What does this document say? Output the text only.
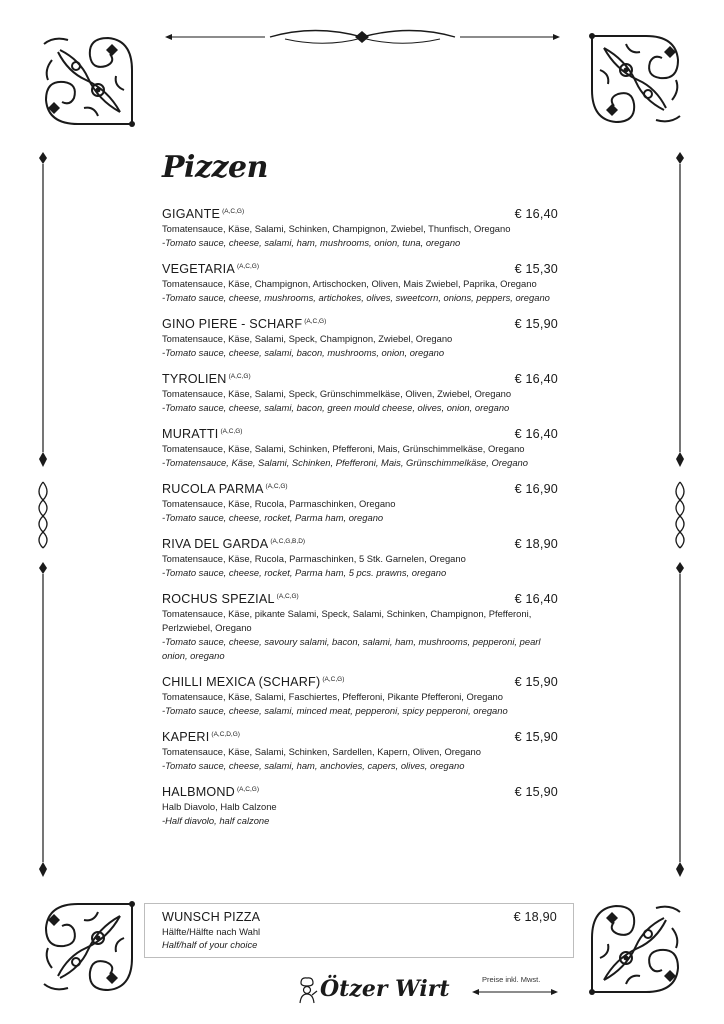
Pizzen
GIGANTE $^{(A,C,G)}$	€ 16,40
Tomatensauce, Käse, Salami, Schinken, Champignon, Zwiebel, Thunfisch, Oregano
-Tomato sauce, cheese, salami, ham, mushrooms, onion, tuna, oregano
VEGETARIA $^{(A,C,G)}$	€ 15,30
Tomatensauce, Käse, Champignon, Artischocken, Oliven, Mais Zwiebel, Paprika, Oregano
-Tomato sauce, cheese, mushrooms, artichokes, olives, sweetcorn, onions, peppers, oregano
GINO PIERE - SCHARF $^{(A,C,G)}$	€ 15,90
Tomatensauce, Käse, Salami, Speck, Champignon, Zwiebel, Oregano
-Tomato sauce, cheese, salami, bacon, mushrooms, onion, oregano
TYROLIEN $^{(A,C,G)}$	€ 16,40
Tomatensauce, Käse, Salami, Speck, Grünschimmelkäse, Oliven, Zwiebel, Oregano
-Tomato sauce, cheese, salami, bacon, green mould cheese, olives, onion, oregano
MURATTI $^{(A,C,G)}$	€ 16,40
Tomatensauce, Käse, Salami, Schinken, Pfefferoni, Mais, Grünschimmelkäse, Oregano
-Tomatensauce, Käse, Salami, Schinken, Pfefferoni, Mais, Grünschimmelkäse, Oregano
RUCOLA PARMA $^{(A,C,G)}$	€ 16,90
Tomatensauce, Käse, Rucola, Parmaschinken, Oregano
-Tomato sauce, cheese, rocket, Parma ham, oregano
RIVA DEL GARDA $^{(A,C,G,B,D)}$	€ 18,90
Tomatensauce, Käse, Rucola, Parmaschinken, 5 Stk. Garnelen, Oregano
-Tomato sauce, cheese, rocket, Parma ham, 5 pcs. prawns, oregano
ROCHUS SPEZIAL $^{(A,C,G)}$	€ 16,40
Tomatensauce, Käse, pikante Salami, Speck, Salami, Schinken, Champignon, Pfefferoni, Perlzwiebel, Oregano
-Tomato sauce, cheese, savoury salami, bacon, salami, ham, mushrooms, pepperoni, pearl onion, oregano
CHILLI MEXICA (SCHARF) $^{(A,C,G)}$	€ 15,90
Tomatensauce, Käse, Salami, Faschiertes, Pfefferoni, Pikante Pfefferoni, Oregano
-Tomato sauce, cheese, salami, minced meat, pepperoni, spicy pepperoni, oregano
KAPERI $^{(A,C,D,G)}$	€ 15,90
Tomatensauce, Käse, Salami, Schinken, Sardellen, Kapern, Oliven, Oregano
-Tomato sauce, cheese, salami, ham, anchovies, capers, olives, oregano
HALBMOND $^{(A,C,G)}$	€ 15,90
Halb Diavolo, Halb Calzone
-Half diavolo, half calzone
WUNSCH PIZZA	€ 18,90
Hälfte/Hälfte nach Wahl
Half/half of your choice
Ötzer Wirt	Preise inkl. Mwst.
